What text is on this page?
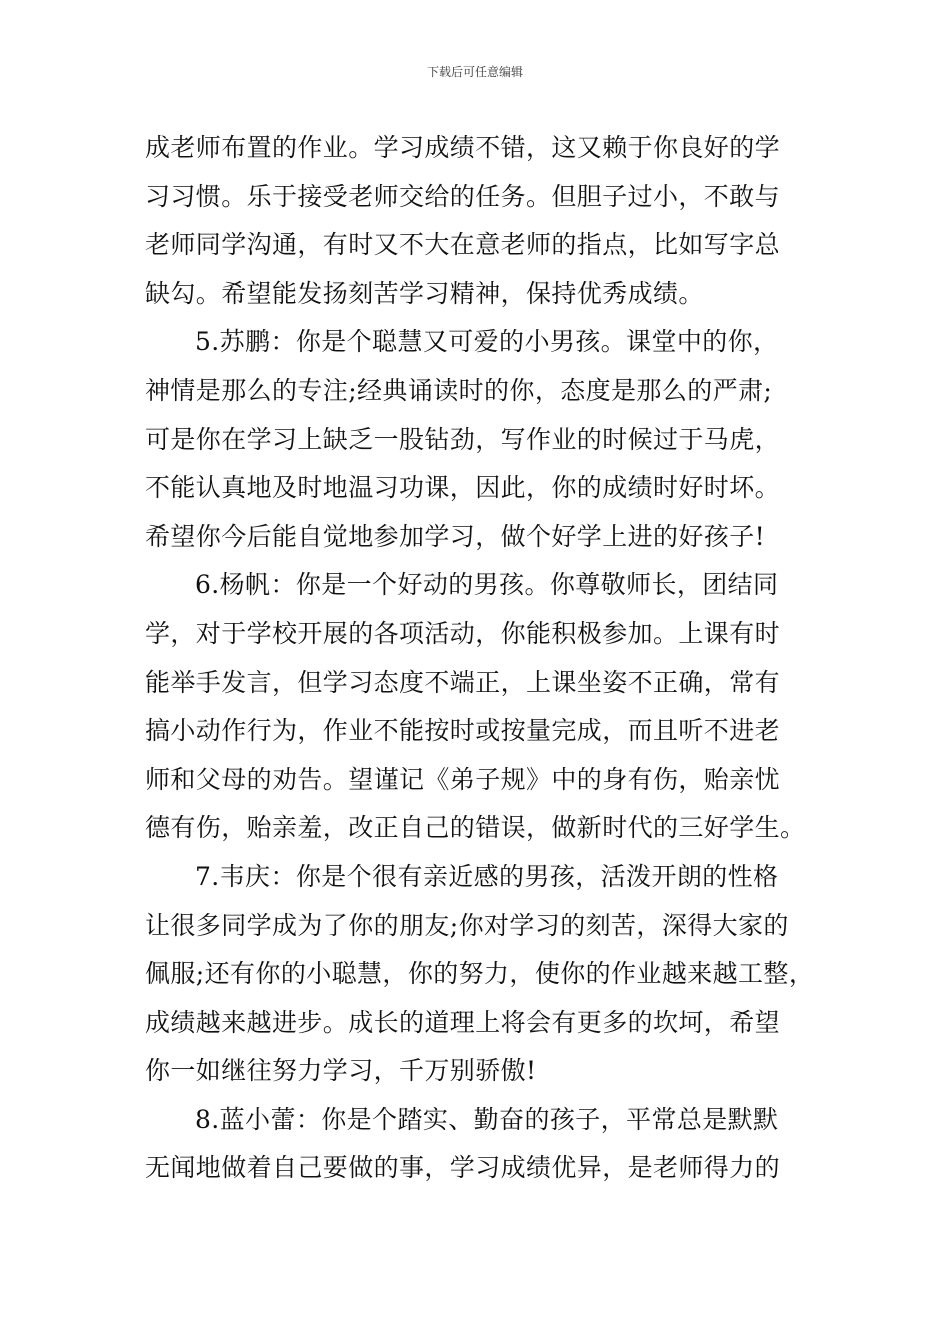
下载后可任意编辑
成老师布置的作业。学习成绩不错，这又赖于你良好的学
习习惯。乐于接受老师交给的任务。但胆子过小，不敢与
老师同学沟通，有时又不大在意老师的指点，比如写字总
缺勾。希望能发扬刻苦学习精神，保持优秀成绩。
5.苏鹏：你是个聪慧又可爱的小男孩。课堂中的你，
神情是那么的专注;经典诵读时的你，态度是那么的严肃;
可是你在学习上缺乏一股钻劲，写作业的时候过于马虎，
不能认真地及时地温习功课，因此，你的成绩时好时坏。
希望你今后能自觉地参加学习，做个好学上进的好孩子!
6.杨帆：你是一个好动的男孩。你尊敬师长，团结同
学，对于学校开展的各项活动，你能积极参加。上课有时
能举手发言，但学习态度不端正，上课坐姿不正确，常有
搞小动作行为，作业不能按时或按量完成，而且听不进老
师和父母的劝告。望谨记《弟子规》中的身有伤，贻亲忧
德有伤，贻亲羞，改正自己的错误，做新时代的三好学生。
7.韦庆：你是个很有亲近感的男孩，活泼开朗的性格
让很多同学成为了你的朋友;你对学习的刻苦，深得大家的
佩服;还有你的小聪慧，你的努力，使你的作业越来越工整，
成绩越来越进步。成长的道理上将会有更多的坎坷，希望
你一如继往努力学习，千万别骄傲!
8.蓝小蕾：你是个踏实、勤奋的孩子，平常总是默默
无闻地做着自己要做的事，学习成绩优异，是老师得力的
